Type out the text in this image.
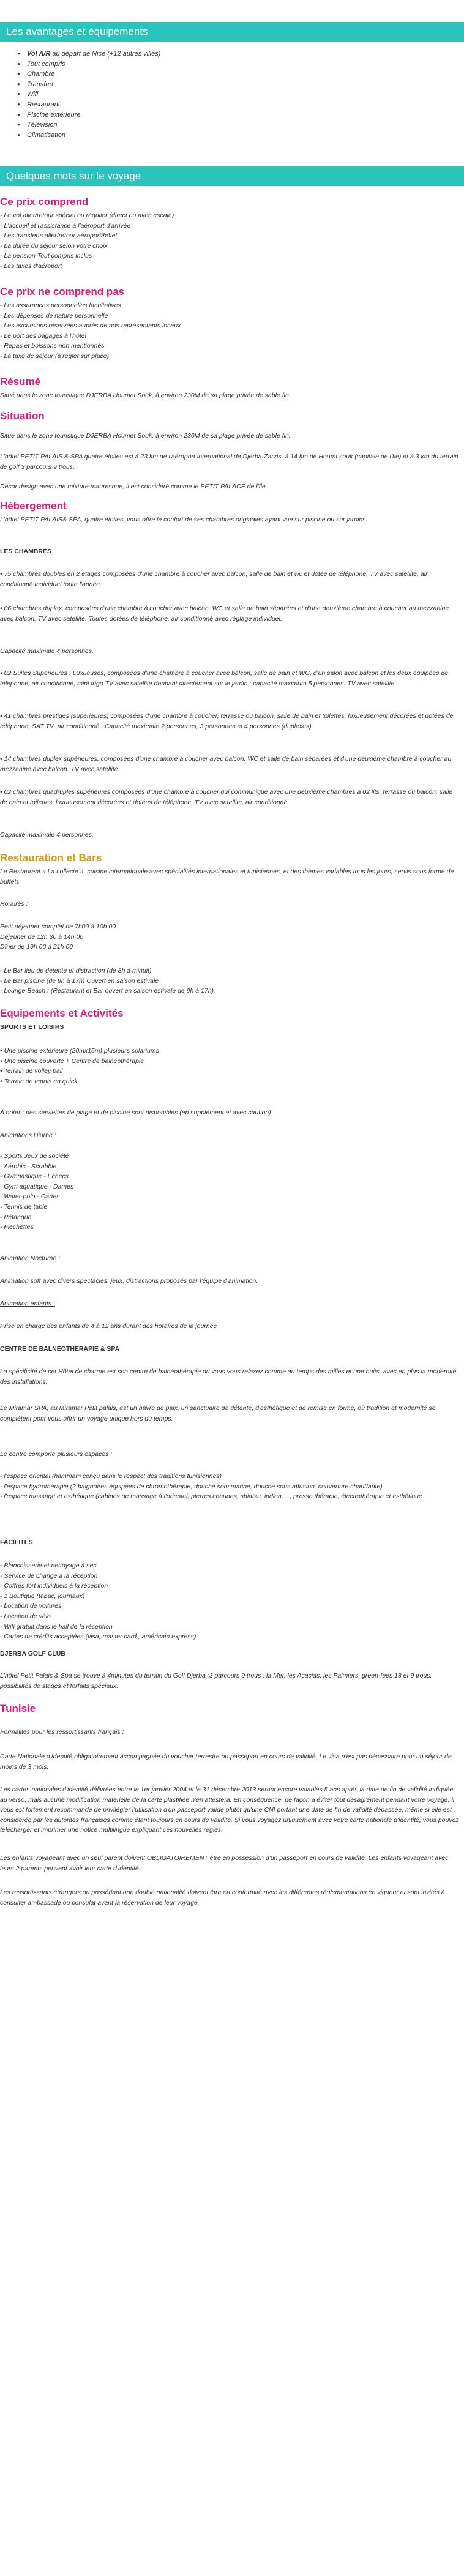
Les avantages et équipements
● Vol A/R au départ de Nice (+12 autres villes)
● Tout compris
● Chambre
● Transfert
● Wifi
● Restaurant
● Piscine extérieure
● Télévision
● Climatisation
Quelques mots sur le voyage
Ce prix comprend
- Le vol aller/retour spécial ou régulier (direct ou avec escale)
- L'accueil et l'assistance à l'aéroport d'arrivée
- Les transferts aller/retour aéroport/hôtel
- La durée du séjour selon votre choix
- La pension Tout compris inclus
- Les taxes d'aéroport
Ce prix ne comprend pas
- Les assurances personnelles facultatives
- Les dépenses de nature personnelle
- Les excursions réservées auprès de nos représentants locaux
- Le port des bagages à l'hôtel
- Repas et boissons non mentionnés
- La taxe de séjour (à régler sur place)
Résumé

Situé dans le zone touristique DJERBA Houmet Souk, à environ 230M de sa plage privée de sable fin.

Situation

Situé dans le zone touristique DJERBA Houmet Souk, à environ 230M de sa plage privée de sable fin.

L'hôtel PETIT PALAIS & SPA quatre étoiles est à 23 km de l'aéroport international de Djerba-Zarzis, à 14 km de Houmt souk (capitale de l'île) et à 3 km du terrain de golf 3 parcours 9 trous.

Décor design avec une mixture mauresque, il est considéré comme le PETIT PALACE de l'île.

Hébergement

L'hôtel PETIT PALAIS& SPA, quatre étoiles, vous offre le confort de ses chambres originales ayant vue sur piscine ou sur jardins.

LES CHAMBRES

• 75 chambres doubles en 2 étages composées d'une chambre à coucher avec balcon, salle de bain et wc et dotée de téléphone, TV avec satellite, air conditionné individuel toute l'année.

• 06 chambres duplex, composées d'une chambre à coucher avec balcon, WC et salle de bain séparées et d'une deuxième chambre à coucher au mezzanine avec balcon. TV avec satellite. Toutes dotées de téléphone, air conditionné avec réglage individuel.

Capacité maximale 4 personnes.

• 02 Suites Supérieures : Luxueuses, composées d'une chambre à coucher avec balcon, salle de bain et WC, d'un salon avec balcon et les deux équipées de téléphone, air conditionné, mini frigo TV avec satellite donnant directement sur le jardin ; capacité maximum 5 personnes. TV avec satellite

• 41 chambres prestiges (supérieures) composées d'une chambre à coucher, terrasse ou balcon, salle de bain et toilettes, luxueusement décorées et dotées de téléphone, SAT TV ,air conditionné . Capacité maximale 2 personnes, 3 personnes et 4 personnes (duplexes).

• 14 chambres duplex supérieures, composées d'une chambre à coucher avec balcon, WC et salle de bain séparées et d'une deuxième chambre à coucher au mezzanine avec balcon. TV avec satellite.

• 02 chambres quadruples supérieures composées d'une chambre à coucher qui communique avec une deuxième chambres à 02 lits, terrasse ou balcon, salle de bain et toilettes, luxueusement décorées et dotées de téléphone, TV avec satellite, air conditionné.

Capacité maximale 4 personnes.

Restauration et Bars

Le Restaurant « La collecte », cuisine internationale avec spécialités internationales et tunisiennes, et des thèmes variables tous les jours, servis sous forme de buffets

Horaires :

Petit déjeuner complet de 7h00 à 10h 00
Déjeuner de 12h 30 à 14h 00
Dîner de 19h 00 à 21h 00
- Le Bar lieu de détente et distraction (de 8h à minuit)
- Le Bar piscine (de 9h à 17h) Ouvert en saison estivale
- Lounge Beach : (Restaurant et Bar ouvert en saison estivale de 9h à 17h)
Equipements et Activités

SPORTS ET LOISIRS

• Une piscine extérieure (20mx15m) plusieurs solariums
• Une piscine couverte + Centre de balnéothérapie
• Terrain de volley ball
• Terrain de tennis en quick

A noter : des serviettes de plage et de piscine sont disponibles (en supplément et avec caution)

Animations Diurne :

- Sports Jeux de société
- Aérobic - Scrabble
- Gymnastique - Echecs
- Gym aquatique - Dames
- Water-polo - Cartes
- Tennis de table
- Pétanque
- Fléchettes

Animation Nocturne :

Animation soft avec divers spectacles, jeux, distractions proposés par l'équipe d'animation.

Animation enfants :

Prise en charge des enfants de 4 à 12 ans durant des horaires de la journée

CENTRE DE BALNEOTHERAPIE & SPA

La spécificité de cet Hôtel de charme est son centre de balnéothérapie ou vous vous relaxez comme au temps des milles et une nuits, avec en plus la modernité des installations.

Le Miramar SPA, au Miramar Petit palais, est un havre de paix, un sanctuaire de détente, d'esthétique et de remise en forme, où tradition et modernité se complètent pour vous offrir un voyage unique hors du temps.

Le centre comporte plusieurs espaces :

- l'espace oriental (hammam conçu dans le respect des traditions tunisiennes)
- l'espace hydrothérapie (2 baignoires équipées de chromothérapie, douche sousmarine, douche sous affusion, couverture chauffante)
- l'espace massage et esthétique (cabines de massage à l'oriental, pierres chaudes, shiatsu, indien…., presso thérapie, électrothérapie et esthétique

FACILITES

- Blanchisserie et nettoyage à sec
- Service de change à la réception
- Coffres fort individuels à la réception
- 1 Boutique (tabac, journaux)
- Location de voitures
- Location de vélo
- Wifi gratuit dans le hall de la réception
- Cartes de crédits acceptées (visa, master card., américain express)

DJERBA GOLF CLUB

L'hôtel Petit Palais & Spa se trouve à 4minutes du terrain du Golf Djerba :3 parcours 9 trous : la Mer, les Acacias, les Palmiers, green-fees 18 et 9 trous, possibilités de stages et forfaits spéciaux.

Tunisie

Formalités pour les ressortissants français :

Carte Nationale d'Identité obligatoirement accompagnée du voucher terrestre ou passeport en cours de validité. Le visa n'est pas nécessaire pour un séjour de moins de 3 mois.

Les cartes nationales d'identité délivrées entre le 1er janvier 2004 et le 31 décembre 2013 seront encore valables 5 ans après la date de fin de validité indiquée au verso, mais aucune modification matérielle de la carte plastifiée n'en attestera. En conséquence, de façon à éviter tout désagrément pendant votre voyage, il vous est fortement recommandé de privilégier l'utilisation d'un passeport valide plutôt qu'une CNI portant une date de fin de validité dépassée, même si elle est considérée par les autorités françaises comme étant toujours en cours de validité. Si vous voyagez uniquement avec votre carte nationale d'identité, vous pouvez télécharger et imprimer une notice multilingue expliquant ces nouvelles règles.

Les enfants voyageant avec un seul parent doivent OBLIGATOIREMENT être en possession d'un passeport en cours de validité. Les enfants voyageant avec leurs 2 parents peuvent avoir leur carte d'identité.

Les ressortissants étrangers ou possédant une double nationalité doivent être en conformité avec les différentes réglementations en vigueur et sont invités à consulter ambassade ou consulat avant la réservation de leur voyage.
